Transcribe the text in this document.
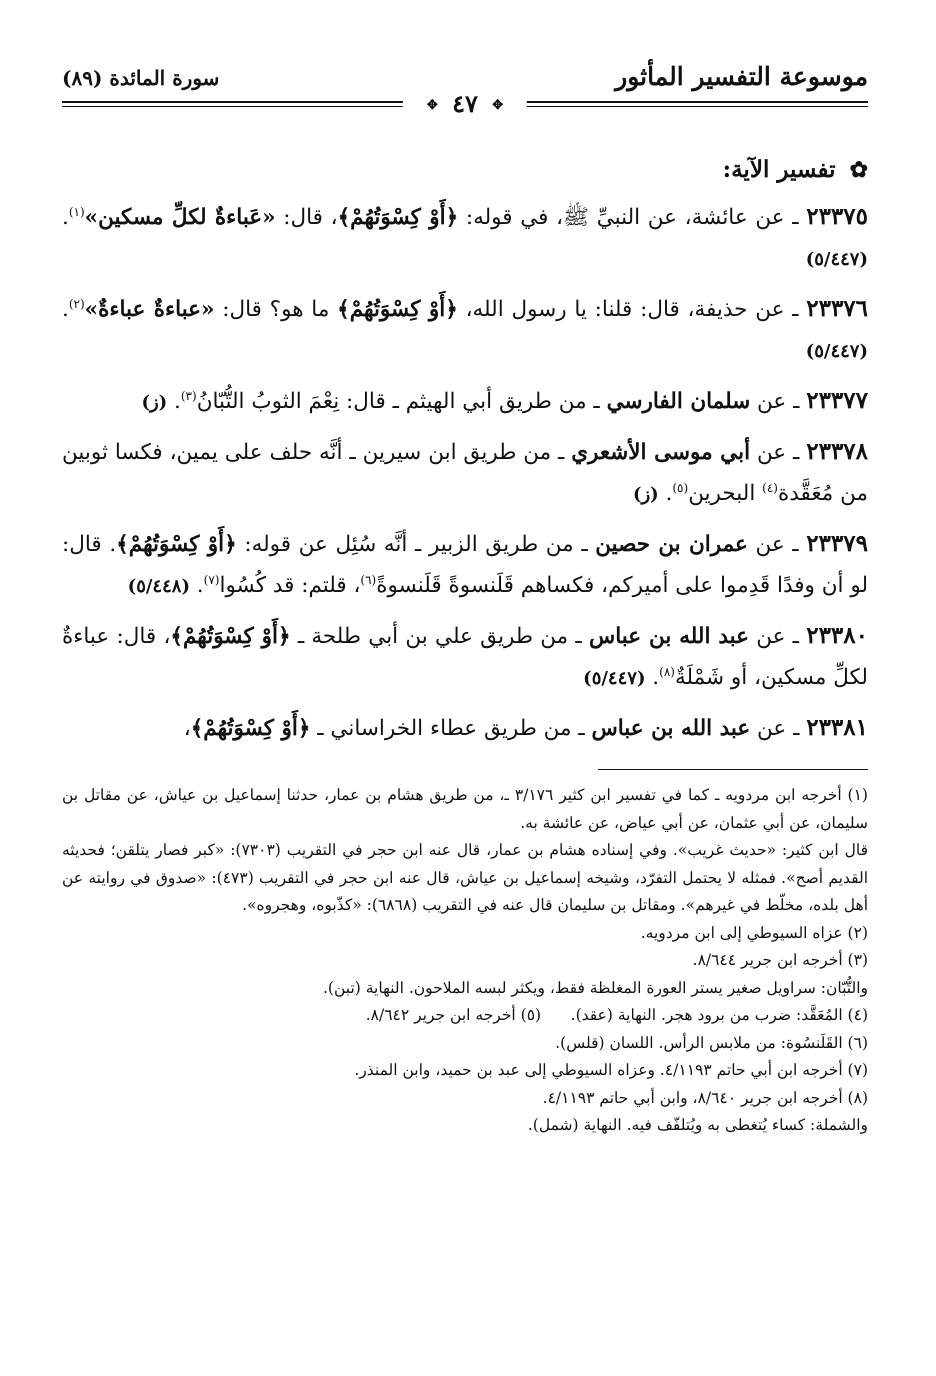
موسوعة التفسير المأثور
سورة المائدة (٨٩)
✥ ٤٧ ✥
✿ تفسير الآية:
٢٣٣٧٥ ـ عن عائشة، عن النبيِّ ﷺ، في قوله: ﴿أَوْ كِسْوَتُهُمْ﴾، قال: «عَباءةٌ لكلِّ مسكين»$^{(١)}$. (٥/٤٤٧)
٢٣٣٧٦ ـ عن حذيفة، قال: قلنا: يا رسول الله، ﴿أَوْ كِسْوَتُهُمْ﴾ ما هو؟ قال: «عباءةٌ عباءةٌ»$^{(٢)}$. (٥/٤٤٧)
٢٣٣٧٧ ـ عن سلمان الفارسي ـ من طريق أبي الهيثم ـ قال: نِعْمَ الثوبُ التُّبّانُ$^{(٣)}$. (ز)
٢٣٣٧٨ ـ عن أبي موسى الأشعري ـ من طريق ابن سيرين ـ أنَّه حلف على يمين، فكسا ثوبين من مُعَقَّدة$^{(٤)}$ البحرين$^{(٥)}$. (ز)
٢٣٣٧٩ ـ عن عمران بن حصين ـ من طريق الزبير ـ أنَّه سُئِل عن قوله: ﴿أَوْ كِسْوَتُهُمْ﴾. قال: لو أن وفدًا قَدِموا على أميركم، فكساهم قَلَنسوةً قَلَنسوةً$^{(٦)}$، قلتم: قد كُسُوا$^{(٧)}$. (٥/٤٤٨)
٢٣٣٨٠ ـ عن عبد الله بن عباس ـ من طريق علي بن أبي طلحة ـ ﴿أَوْ كِسْوَتُهُمْ﴾، قال: عباءةٌ لكلِّ مسكين، أو شَمْلَةٌ$^{(٨)}$. (٥/٤٤٧)
٢٣٣٨١ ـ عن عبد الله بن عباس ـ من طريق عطاء الخراساني ـ ﴿أَوْ كِسْوَتُهُمْ﴾،
(١) أخرجه ابن مردويه ـ كما في تفسير ابن كثير ٣/١٧٦ ـ، من طريق هشام بن عمار، حدثنا إسماعيل بن عياش، عن مقاتل بن سليمان، عن أبي عثمان، عن أبي عياض، عن عائشة به.
قال ابن كثير: «حديث غريب». وفي إسناده هشام بن عمار، قال عنه ابن حجر في التقريب (٧٣٠٣): «كبر فصار يتلقن؛ فحديثه القديم أصح». فمثله لا يحتمل التفرّد، وشيخه إسماعيل بن عياش، قال عنه ابن حجر في التقريب (٤٧٣): «صدوق في روايته عن أهل بلده، مخلّط في غيرهم». ومقاتل بن سليمان قال عنه في التقريب (٦٨٦٨): «كذّبوه، وهجروه».
(٢) عزاه السيوطي إلى ابن مردويه.
(٣) أخرجه ابن جرير ٨/٦٤٤.
والتُّبّان: سراويل صغير يستر العورة المغلظة فقط، ويكثر لبسه الملاحون. النهاية (تبن).
(٤) المُعَقَّد: ضرب من برود هجر. النهاية (عقد).      (٥) أخرجه ابن جرير ٨/٦٤٢.
(٦) القَلَنسُوة: من ملابس الرأس. اللسان (قلس).
(٧) أخرجه ابن أبي حاتم ٤/١١٩٣. وعزاه السيوطي إلى عبد بن حميد، وابن المنذر.
(٨) أخرجه ابن جرير ٨/٦٤٠، وابن أبي حاتم ٤/١١٩٣.
والشملة: كساء يُتغطى به ويُتلفّف فيه. النهاية (شمل).
